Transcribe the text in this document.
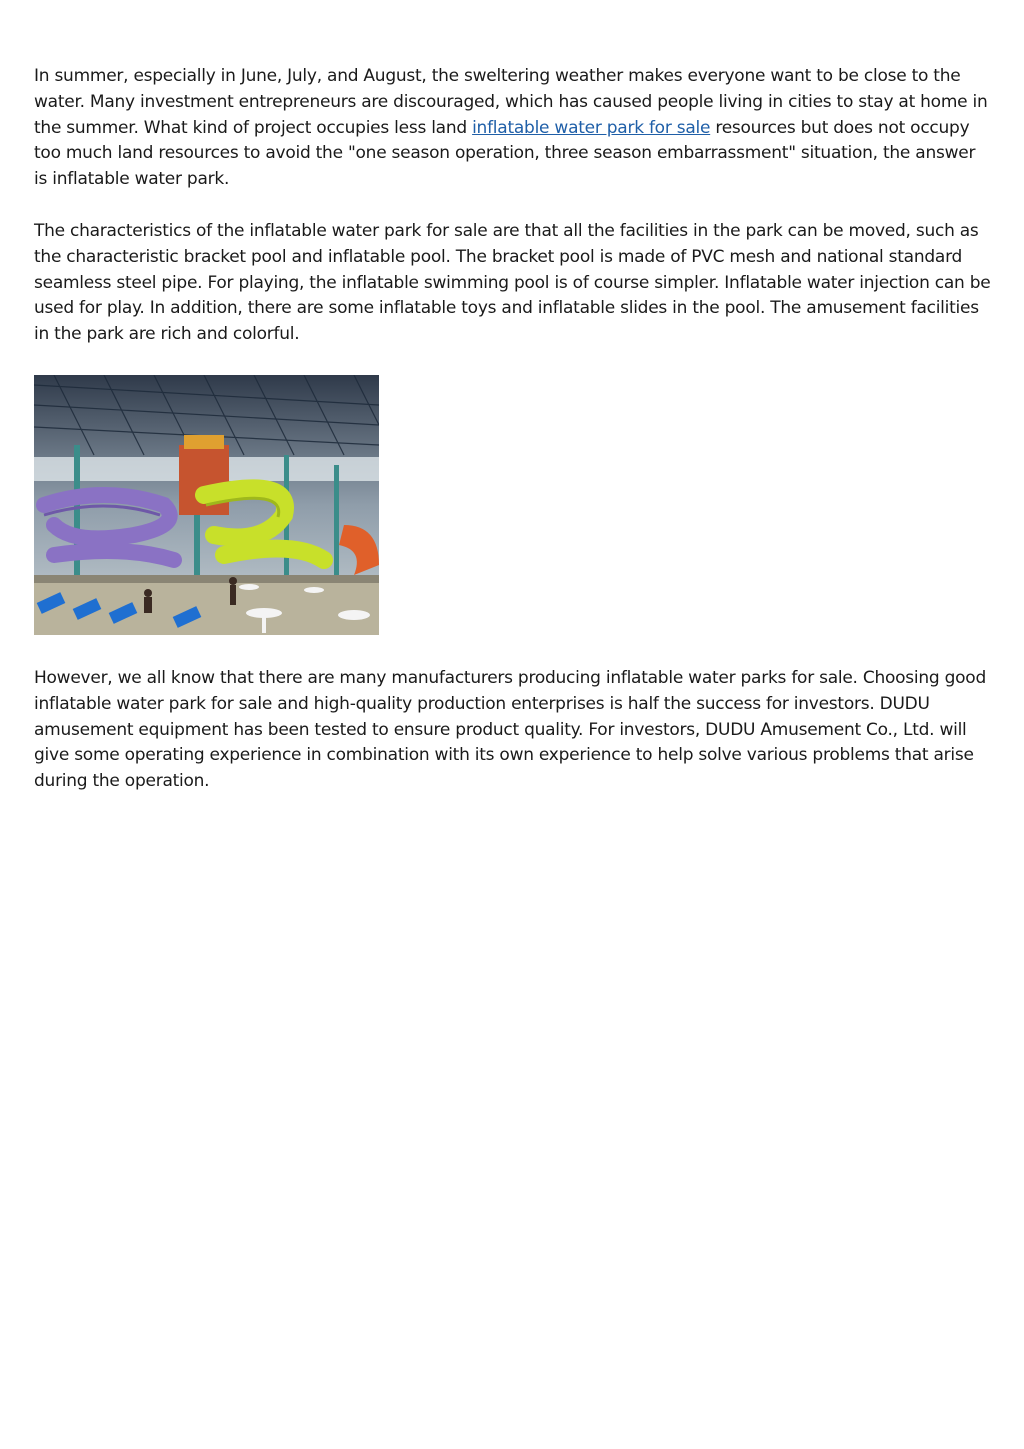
In summer, especially in June, July, and August, the sweltering weather makes everyone want to be close to the water. Many investment entrepreneurs are discouraged, which has caused people living in cities to stay at home in the summer. What kind of project occupies less land inflatable water park for sale resources but does not occupy too much land resources to avoid the "one season operation, three season embarrassment" situation, the answer is inflatable water park.

The characteristics of the inflatable water park for sale are that all the facilities in the park can be moved, such as the characteristic bracket pool and inflatable pool. The bracket pool is made of PVC mesh and national standard seamless steel pipe. For playing, the inflatable swimming pool is of course simpler. Inflatable water injection can be used for play. In addition, there are some inflatable toys and inflatable slides in the pool. The amusement facilities in the park are rich and colorful.

However, we all know that there are many manufacturers producing inflatable water parks for sale. Choosing good inflatable water park for sale and high-quality production enterprises is half the success for investors. DUDU amusement equipment has been tested to ensure product quality. For investors, DUDU Amusement Co., Ltd. will give some operating experience in combination with its own experience to help solve various problems that arise during the operation.
